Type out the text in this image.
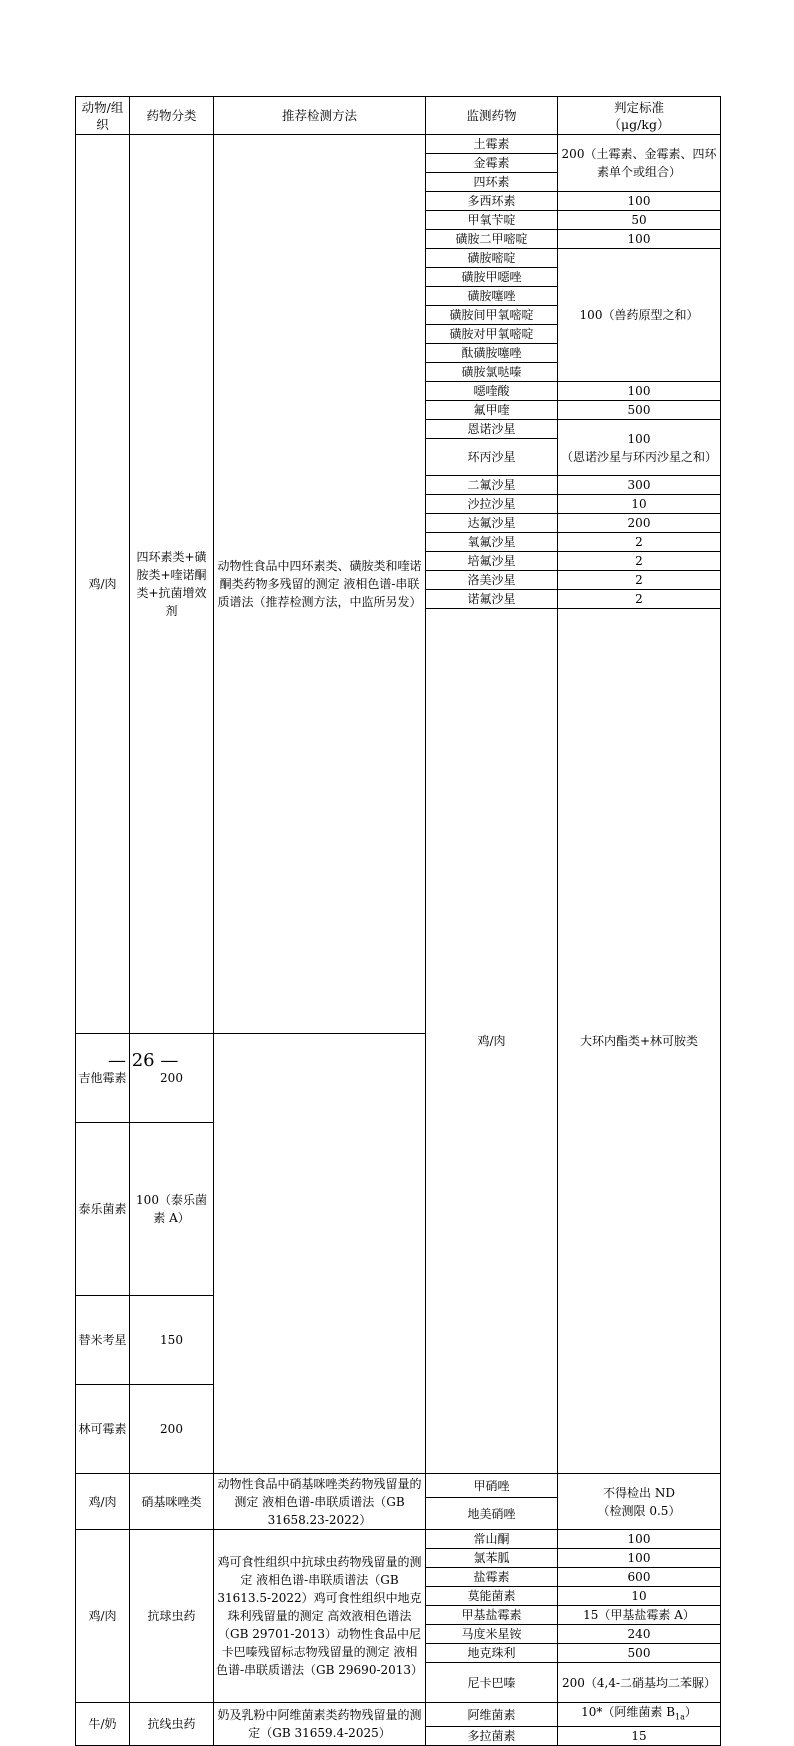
动物/组织	药物分类	推荐检测方法	监测药物	判定标准
（μg/kg）	
鸡/肉	四环素类+磺胺类+喹诺酮类+抗菌增效剂	动物性食品中四环素类、磺胺类和喹诺酮类药物多残留的测定 液相色谱-串联质谱法（推荐检测方法，中监所另发）	土霉素	200（土霉素、金霉素、四环素单个或组合）	
			金霉素		
			四环素		
			多西环素	100	
			甲氧苄啶	50	
			磺胺二甲嘧啶	100	
			磺胺嘧啶	100（兽药原型之和）	
			磺胺甲噁唑		
			磺胺噻唑		
			磺胺间甲氧嘧啶		
			磺胺对甲氧嘧啶		
			酞磺胺噻唑		
			磺胺氯哒嗪		
			噁喹酸	100	
			氟甲喹	500	
			恩诺沙星	100
（恩诺沙星与环丙沙星之和）	
			环丙沙星		
			二氟沙星	300	
			沙拉沙星	10	
			达氟沙星	200	
			氧氟沙星	2	
			培氟沙星	2	
			洛美沙星	2	
			诺氟沙星	2	
			鸡/肉	大环内酯类+林可胺类			
吉他霉素	200				
泰乐菌素	100（泰乐菌素 A）				
替米考星	150				
林可霉素	200				
鸡/肉	硝基咪唑类	动物性食品中硝基咪唑类药物残留量的测定 液相色谱-串联质谱法（GB 31658.23-2022）	甲硝唑	不得检出 ND
（检测限 0.5）	
			地美硝唑		
鸡/肉	抗球虫药	鸡可食性组织中抗球虫药物残留量的测定 液相色谱-串联质谱法（GB 31613.5-2022）鸡可食性组织中地克珠利残留量的测定 高效液相色谱法（GB 29701-2013）动物性食品中尼卡巴嗪残留标志物残留量的测定 液相色谱-串联质谱法（GB 29690-2013）	常山酮	100	
			氯苯胍	100	
			盐霉素	600	
			莫能菌素	10	
			甲基盐霉素	15（甲基盐霉素 A）	
			马度米星铵	240	
			地克珠利	500	
			尼卡巴嗪	200（4,4-二硝基均二苯脲）	
牛/奶	抗线虫药	奶及乳粉中阿维菌素类药物残留量的测定（GB 31659.4-2025）	阿维菌素	10*（阿维菌素 $B_{1a}$）	
			多拉菌素	15	
— 26 —
